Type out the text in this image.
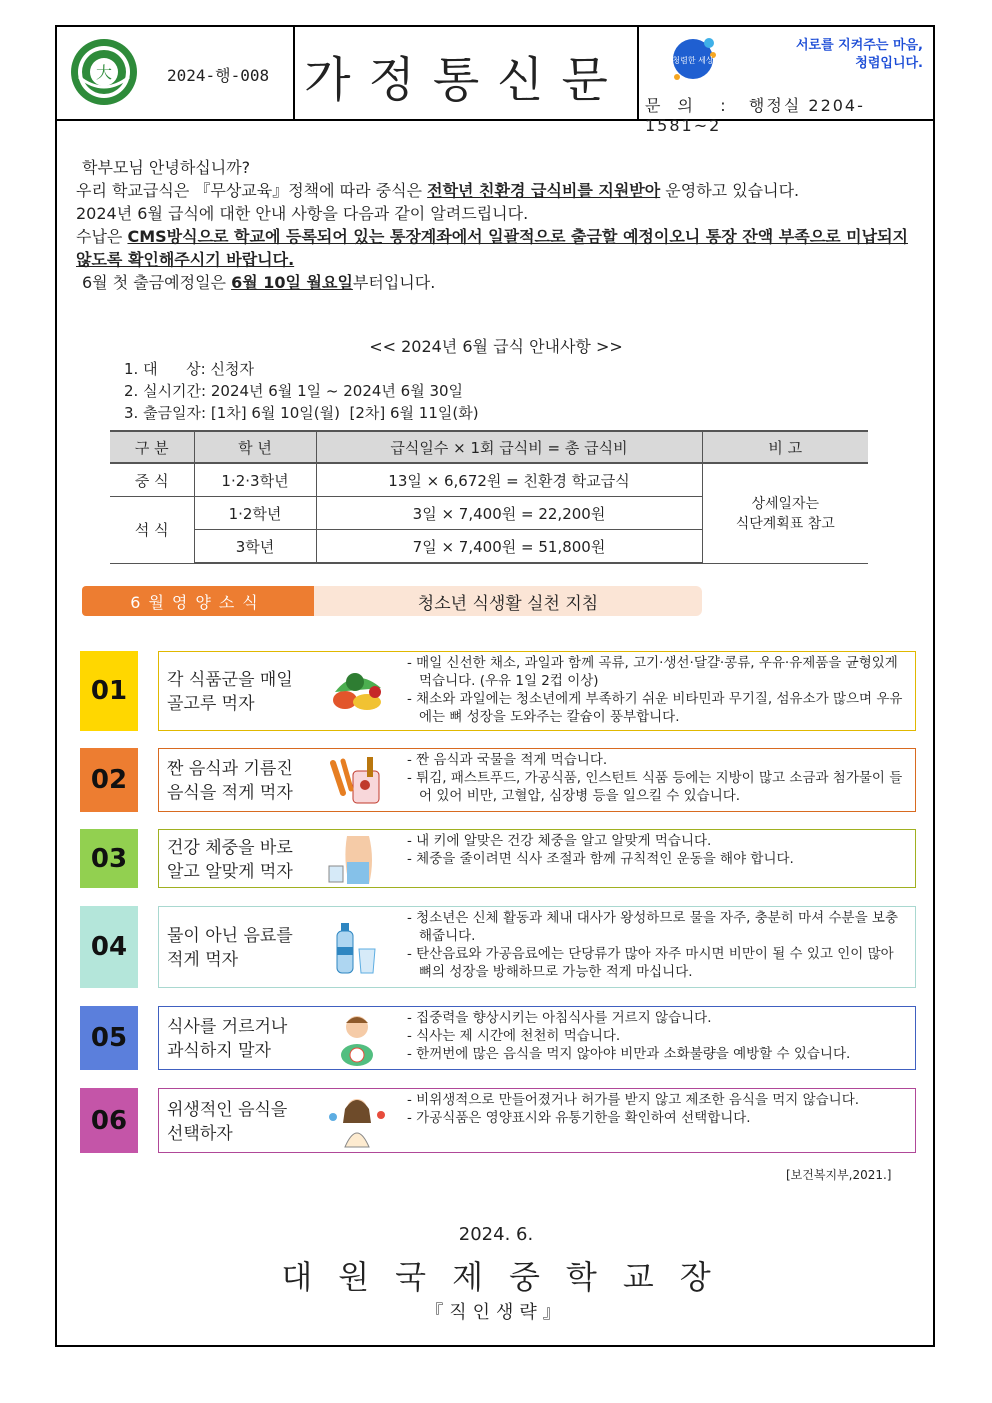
大	2024-행-008 가정통신문	청렴한 세상
서로를 지켜주는 마음,
청렴입니다.
문 의 : 행정실 2204-1581~2

학부모님 안녕하십니까?

우리 학교급식은 『무상교육』정책에 따라 중식은 전학년 친환경 급식비를 지원받아 운영하고 있습니다.

2024년 6월 급식에 대한 안내 사항을 다음과 같이 알려드립니다.

수납은 CMS방식으로 학교에 등록되어 있는 통장계좌에서 일괄적으로 출금할 예정이오니 통장 잔액 부족으로 미납되지 않도록 확인해주시기 바랍니다.

6월 첫 출금예정일은 6월 10일 월요일부터입니다.

<< 2024년 6월 급식 안내사항 >>

1. 대      상: 신청자

2. 실시기간: 2024년 6월 1일 ~ 2024년 6월 30일

3. 출금일자: [1차] 6월 10일(월)  [2차] 6월 11일(화)

구 분	학 년	급식일수 × 1회 급식비 = 총 급식비	비 고
중 식	1·2·3학년	13일 × 6,672원 = 친환경 학교급식	상세일자는
식단계획표 참고

석 식	1·2학년	3일 × 7,400원 = 22,200원	
	3학년	7일 × 7,400원 = 51,800원	
6월영양소식	청소년 식생활 실천 지침
01	각 식품군을 매일
골고루 먹자
- 매일 신선한 채소, 과일과 함께 곡류, 고기·생선·달걀·콩류, 우유·유제품을 균형있게 먹습니다. (우유 1일 2컵 이상)
- 채소와 과일에는 청소년에게 부족하기 쉬운 비타민과 무기질, 섬유소가 많으며 우유에는 뼈 성장을 도와주는 칼슘이 풍부합니다.
02	짠 음식과 기름진
음식을 적게 먹자
- 짠 음식과 국물을 적게 먹습니다.
- 튀김, 패스트푸드, 가공식품, 인스턴트 식품 등에는 지방이 많고 소금과 첨가물이 들어 있어 비만, 고혈압, 심장병 등을 일으킬 수 있습니다.
03	건강 체중을 바로
알고 알맞게 먹자
- 내 키에 알맞은 건강 체중을 알고 알맞게 먹습니다.
- 체중을 줄이려면 식사 조절과 함께 규칙적인 운동을 해야 합니다.
04	물이 아닌 음료를
적게 먹자
- 청소년은 신체 활동과 체내 대사가 왕성하므로 물을 자주, 충분히 마셔 수분을 보충해줍니다.
- 탄산음료와 가공음료에는 단당류가 많아 자주 마시면 비만이 될 수 있고 인이 많아 뼈의 성장을 방해하므로 가능한 적게 마십니다.
05	식사를 거르거나
과식하지 말자
- 집중력을 향상시키는 아침식사를 거르지 않습니다.
- 식사는 제 시간에 천천히 먹습니다.
- 한꺼번에 많은 음식을 먹지 않아야 비만과 소화불량을 예방할 수 있습니다.
06	위생적인 음식을
선택하자
- 비위생적으로 만들어졌거나 허가를 받지 않고 제조한 음식을 먹지 않습니다.
- 가공식품은 영양표시와 유통기한을 확인하여 선택합니다.
[보건복지부,2021.]
2024. 6.
대원국제중학교장
『직인생략』
